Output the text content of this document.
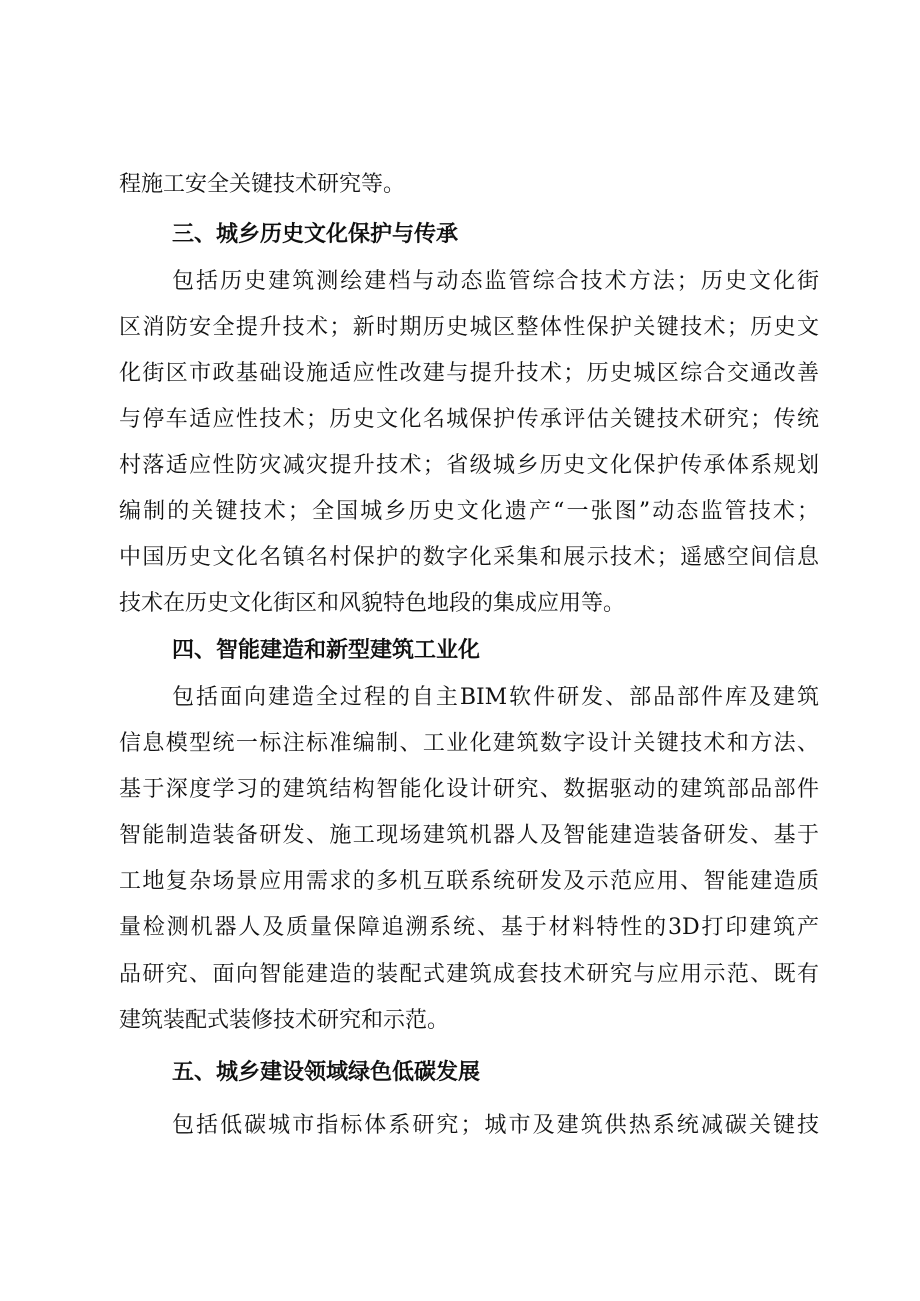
程施工安全关键技术研究等。
三、城乡历史文化保护与传承
包括历史建筑测绘建档与动态监管综合技术方法；历史文化街
区消防安全提升技术；新时期历史城区整体性保护关键技术；历史文
化街区市政基础设施适应性改建与提升技术；历史城区综合交通改善
与停车适应性技术；历史文化名城保护传承评估关键技术研究；传统
村落适应性防灾减灾提升技术；省级城乡历史文化保护传承体系规划
编制的关键技术；全国城乡历史文化遗产“一张图”动态监管技术；
中国历史文化名镇名村保护的数字化采集和展示技术；遥感空间信息
技术在历史文化街区和风貌特色地段的集成应用等。
四、智能建造和新型建筑工业化
包括面向建造全过程的自主BIM软件研发、部品部件库及建筑
信息模型统一标注标准编制、工业化建筑数字设计关键技术和方法、
基于深度学习的建筑结构智能化设计研究、数据驱动的建筑部品部件
智能制造装备研发、施工现场建筑机器人及智能建造装备研发、基于
工地复杂场景应用需求的多机互联系统研发及示范应用、智能建造质
量检测机器人及质量保障追溯系统、基于材料特性的3D打印建筑产
品研究、面向智能建造的装配式建筑成套技术研究与应用示范、既有
建筑装配式装修技术研究和示范。
五、城乡建设领域绿色低碳发展
包括低碳城市指标体系研究；城市及建筑供热系统减碳关键技
